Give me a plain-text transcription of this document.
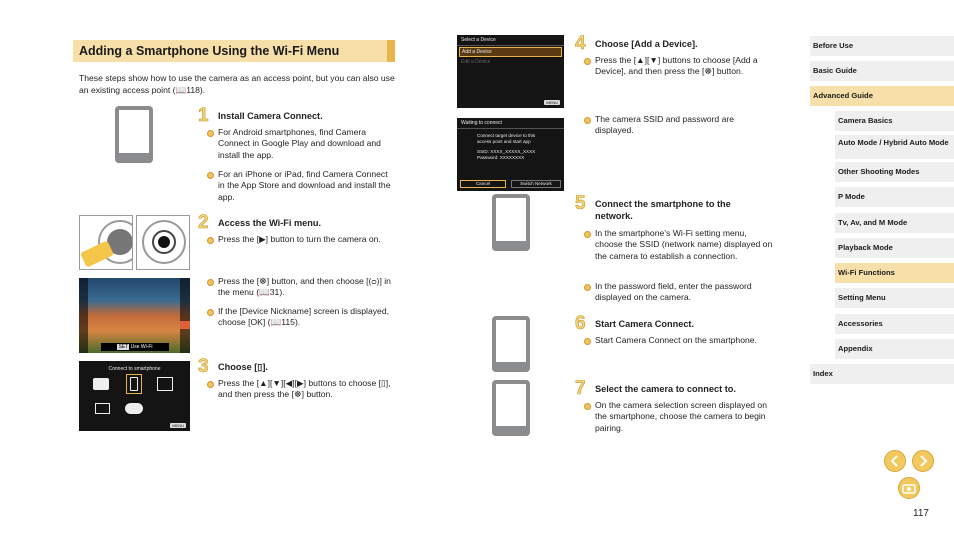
Adding a Smartphone Using the Wi-Fi Menu
These steps show how to use the camera as an access point, but you can also use an existing access point (📖118).
1 Install Camera Connect.
For Android smartphones, find Camera Connect in Google Play and download and install the app.
For an iPhone or iPad, find Camera Connect in the App Store and download and install the app.
SET Use Wi-Fi
2 Access the Wi-Fi menu.
Press the [▶] button to turn the camera on.
Press the [☸] button, and then choose [(ᴑ)] in the menu (📖31).
If the [Device Nickname] screen is displayed, choose [OK] (📖115).
Connect to smartphone
MENU
3 Choose [▯].
Press the [▲][▼][◀][▶] buttons to choose [▯], and then press the [☸] button.
Select a Device
Add a Device
Edit a Device
MENU
Waiting to connect
Connect target device to this access point and start app
SSID: XXXX_XXXXX_XXXX
Password: XXXXXXXX
Cancel	Switch Network
4 Choose [Add a Device].
Press the [▲][▼] buttons to choose [Add a Device], and then press the [☸] button.
The camera SSID and password are displayed.
5 Connect the smartphone to the network.
In the smartphone’s Wi-Fi setting menu, choose the SSID (network name) displayed on the camera to establish a connection.
In the password field, enter the password displayed on the camera.
6 Start Camera Connect.
Start Camera Connect on the smartphone.
7 Select the camera to connect to.
On the camera selection screen displayed on the smartphone, choose the camera to begin pairing.
Before Use
Basic Guide
Advanced Guide
Camera Basics
Auto Mode / Hybrid Auto Mode
Other Shooting Modes
P Mode
Tv, Av, and M Mode
Playback Mode
Wi-Fi Functions
Setting Menu
Accessories
Appendix
Index
117
